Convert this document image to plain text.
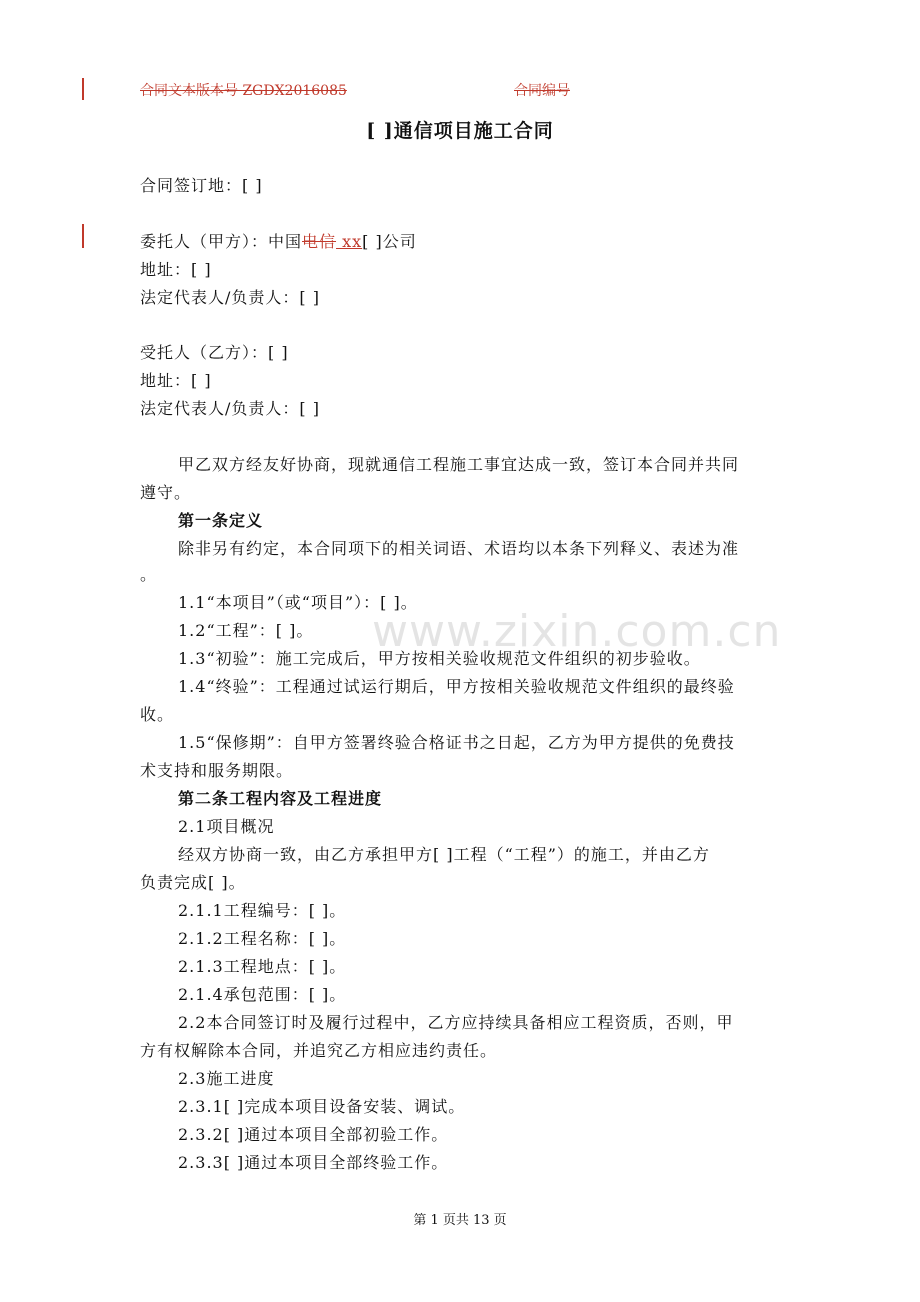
合同文本版本号 ZGDX2016085	合同编号
[ ]通信项目施工合同
合同签订地：[ ]
委托人（甲方）：中国电信 xx[ ]公司
地址：[ ]
法定代表人/负责人：[ ]
受托人（乙方）：[ ]
地址：[ ]
法定代表人/负责人：[ ]
甲乙双方经友好协商，现就通信工程施工事宜达成一致，签订本合同并共同
遵守。
第一条定义
除非另有约定，本合同项下的相关词语、术语均以本条下列释义、表述为准
。
1.1“本项目”（或“项目”）：[ ]。
1.2“工程”：[ ]。
1.3“初验”：施工完成后，甲方按相关验收规范文件组织的初步验收。
1.4“终验”：工程通过试运行期后，甲方按相关验收规范文件组织的最终验
收。
1.5“保修期”：自甲方签署终验合格证书之日起，乙方为甲方提供的免费技
术支持和服务期限。
第二条工程内容及工程进度
2.1项目概况
经双方协商一致，由乙方承担甲方[ ]工程（“工程”）的施工，并由乙方
负责完成[ ]。
2.1.1工程编号：[ ]。
2.1.2工程名称：[ ]。
2.1.3工程地点：[ ]。
2.1.4承包范围：[ ]。
2.2本合同签订时及履行过程中，乙方应持续具备相应工程资质，否则，甲
方有权解除本合同，并追究乙方相应违约责任。
2.3施工进度
2.3.1[ ]完成本项目设备安装、调试。
2.3.2[ ]通过本项目全部初验工作。
2.3.3[ ]通过本项目全部终验工作。
www.zixin.com.cn
第 1 页共 13 页
